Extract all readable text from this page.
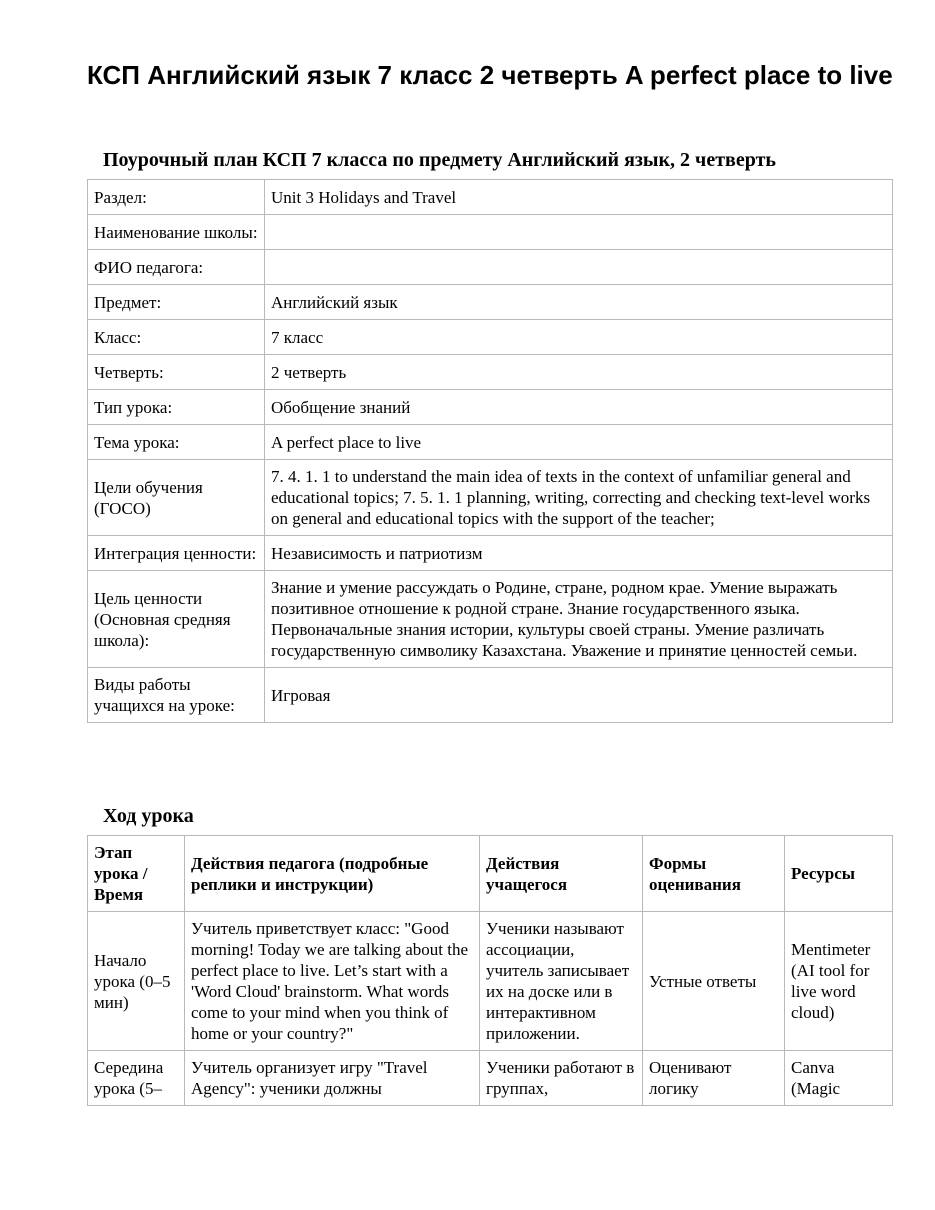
КСП Английский язык 7 класс 2 четверть A perfect place to live
Поурочный план КСП 7 класса по предмету Английский язык, 2 четверть
Раздел:	Unit 3 Holidays and Travel
Наименование школы:	
ФИО педагога:	
Предмет:	Английский язык
Класс:	7 класс
Четверть:	2 четверть
Тип урока:	Обобщение знаний
Тема урока:	A perfect place to live
Цели обучения (ГОСО)	7. 4. 1. 1 to understand the main idea of texts in the context of unfamiliar general and educational topics; 7. 5. 1. 1 planning, writing, correcting and checking text-level works on general and educational topics with the support of the teacher;
Интеграция ценности:	Независимость и патриотизм
Цель ценности (Основная средняя школа):	Знание и умение рассуждать о Родине, стране, родном крае. Умение выражать позитивное отношение к родной стране. Знание государственного языка. Первоначальные знания истории, культуры своей страны. Умение различать государственную символику Казахстана. Уважение и принятие ценностей семьи.
Виды работы учащихся на уроке:	Игровая
Ход урока
Этап урока / Время	Действия педагога (подробные реплики и инструкции)	Действия учащегося	Формы оценивания	Ресурсы
Начало урока (0–5 мин)	Учитель приветствует класс: "Good morning! Today we are talking about the perfect place to live. Let’s start with a 'Word Cloud' brainstorm. What words come to your mind when you think of home or your country?"	Ученики называют ассоциации, учитель записывает их на доске или в интерактивном приложении.	Устные ответы	Mentimeter (AI tool for live word cloud)
Середина урока (5–	Учитель организует игру "Travel Agency": ученики должны	Ученики работают в группах,	Оценивают логику	Canva (Magic
